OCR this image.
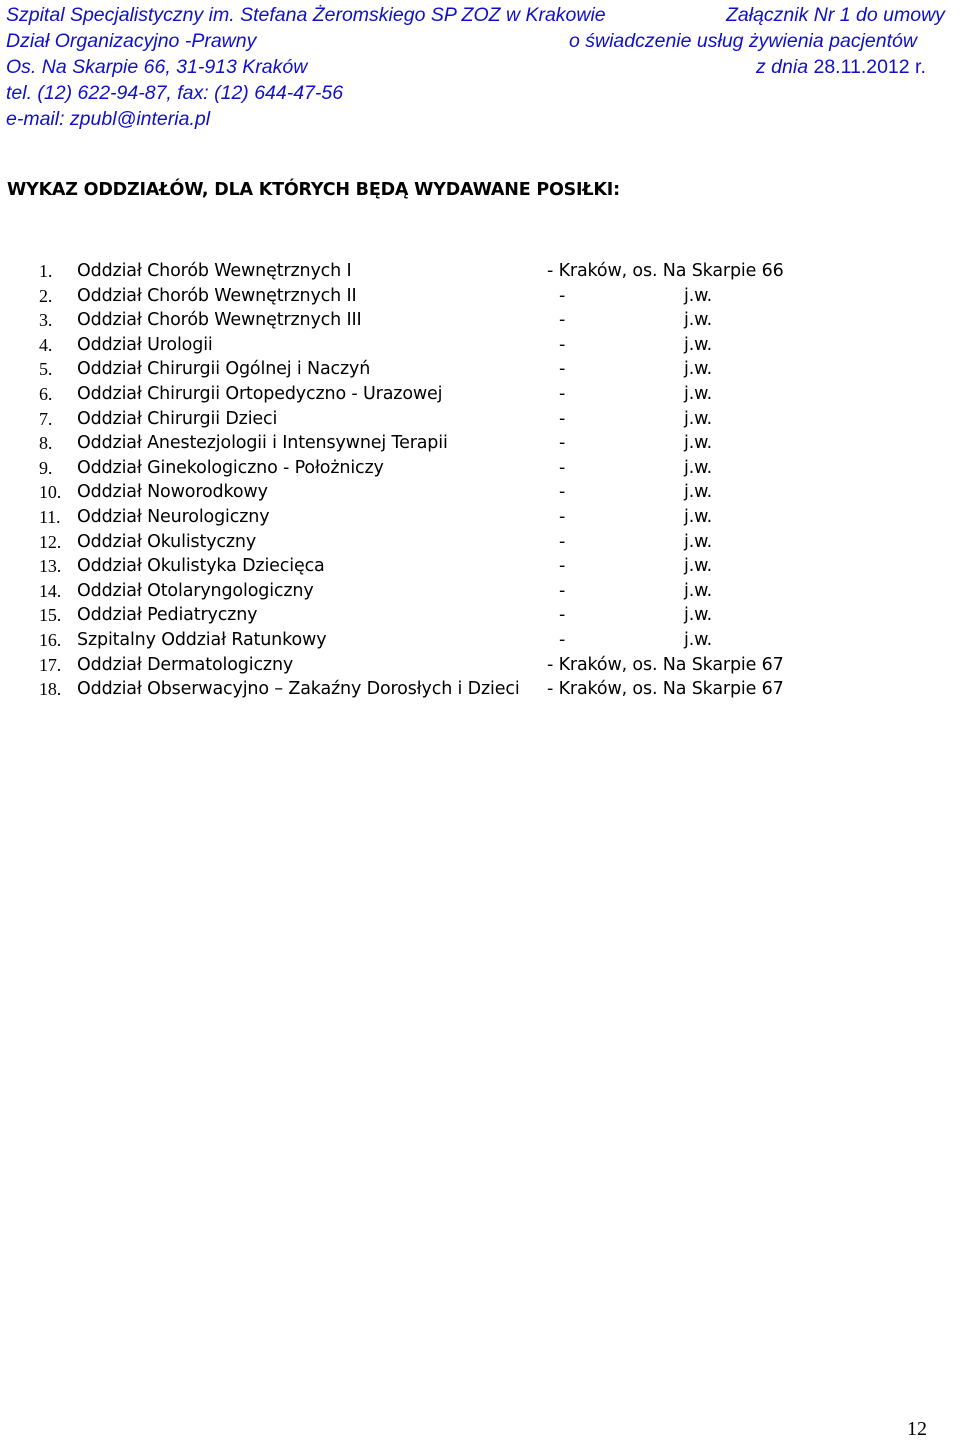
Szpital Specjalistyczny im. Stefana Żeromskiego SP ZOZ w Krakowie	Załącznik Nr 1 do umowy
Dział Organizacyjno -Prawny	o świadczenie usług żywienia pacjentów
Os. Na Skarpie 66, 31-913 Kraków	z dnia 28.11.2012 r.
tel. (12) 622-94-87, fax: (12) 644-47-56
e-mail: zpubl@interia.pl
WYKAZ ODDZIAŁÓW, DLA KTÓRYCH BĘDĄ WYDAWANE POSIŁKI:
1. Oddział Chorób Wewnętrznych I	- Kraków, os. Na Skarpie 66
2. Oddział Chorób Wewnętrznych II	-	j.w.
3. Oddział Chorób Wewnętrznych III	-	j.w.
4. Oddział Urologii	-	j.w.
5. Oddział Chirurgii Ogólnej i Naczyń	-	j.w.
6. Oddział Chirurgii Ortopedyczno - Urazowej	-	j.w.
7. Oddział Chirurgii Dzieci	-	j.w.
8. Oddział Anestezjologii i Intensywnej Terapii	-	j.w.
9. Oddział Ginekologiczno - Położniczy	-	j.w.
10. Oddział Noworodkowy	-	j.w.
11. Oddział Neurologiczny	-	j.w.
12. Oddział Okulistyczny	-	j.w.
13. Oddział Okulistyka Dziecięca	-	j.w.
14. Oddział Otolaryngologiczny	-	j.w.
15. Oddział Pediatryczny	-	j.w.
16. Szpitalny Oddział Ratunkowy	-	j.w.
17. Oddział Dermatologiczny	- Kraków, os. Na Skarpie 67
18. Oddział Obserwacyjno – Zakaźny Dorosłych i Dzieci - Kraków, os. Na Skarpie 67
12
